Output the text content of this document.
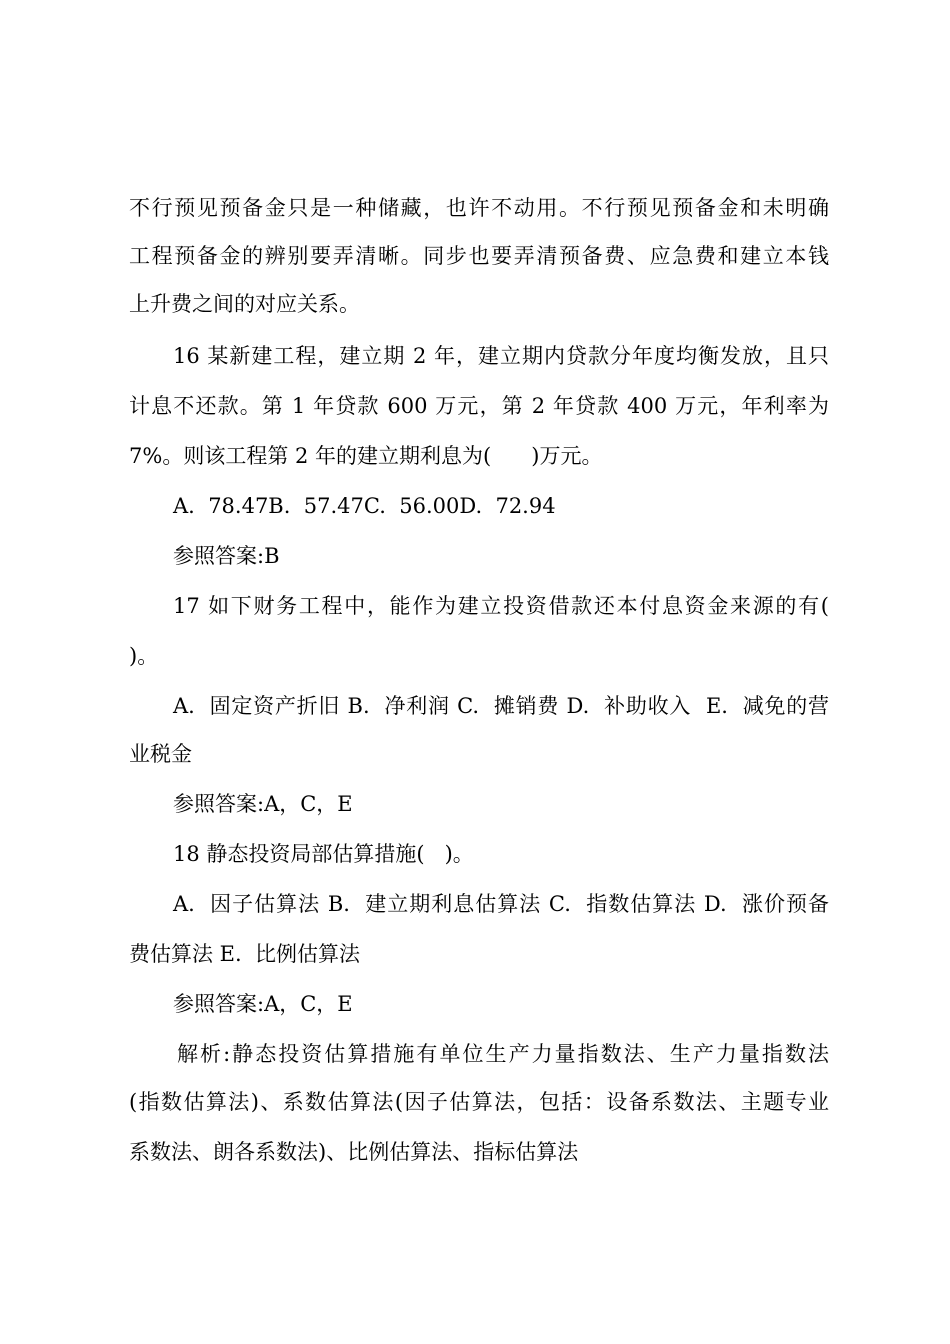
不行预见预备金只是一种储藏，也许不动用。不行预见预备金和未明确
工程预备金的辨别要弄清晰。同步也要弄清预备费、应急费和建立本钱
上升费之间的对应关系。
16 某新建工程，建立期 2 年，建立期内贷款分年度均衡发放，且只
计息不还款。第 1 年贷款 600 万元，第 2 年贷款 400 万元，年利率为
7%。则该工程第 2 年的建立期利息为(      )万元。
A.  78.47B.  57.47C.  56.00D.  72.94
参照答案:B
17 如下财务工程中，能作为建立投资借款还本付息资金来源的有(
)。
A.  固定资产折旧 B.  净利润 C.  摊销费 D.  补助收入  E.  减免的营
业税金
参照答案:A，C，E
18 静态投资局部估算措施(   )。
A.  因子估算法 B.  建立期利息估算法 C.  指数估算法 D.  涨价预备
费估算法 E.  比例估算法
参照答案:A，C，E
解析:静态投资估算措施有单位生产力量指数法、生产力量指数法
(指数估算法)、系数估算法(因子估算法，包括：设备系数法、主题专业
系数法、朗各系数法)、比例估算法、指标估算法
